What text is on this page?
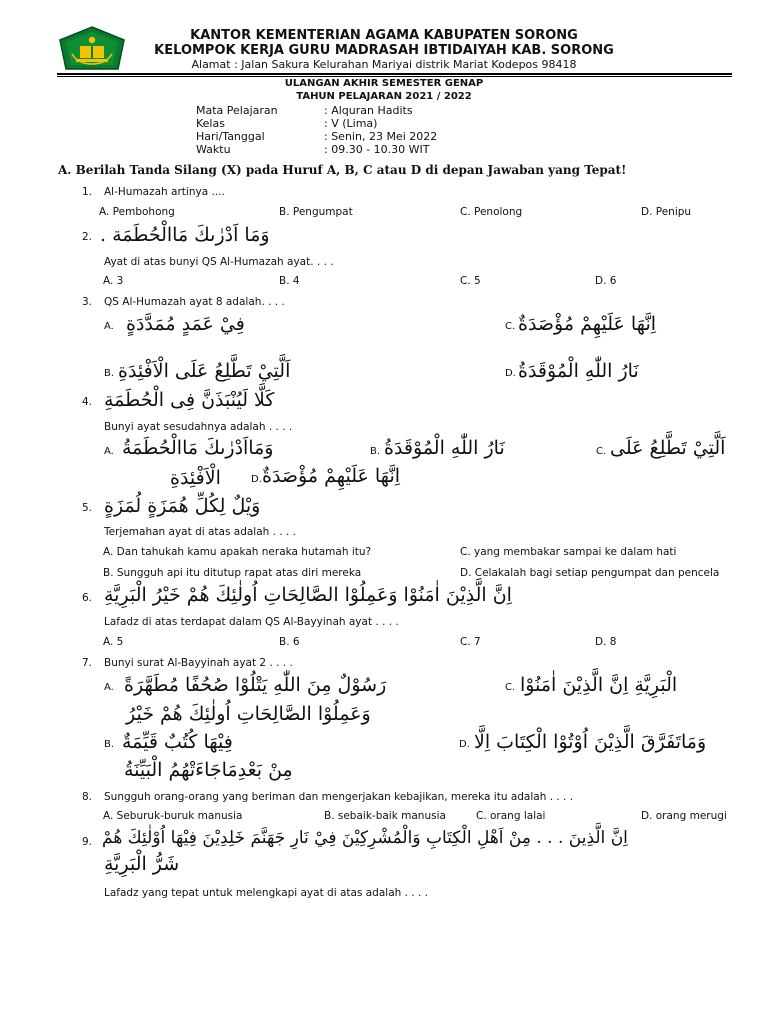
KANTOR KEMENTERIAN AGAMA KABUPATEN SORONG
KELOMPOK KERJA GURU MADRASAH IBTIDAIYAH KAB. SORONG
Alamat : Jalan Sakura Kelurahan Mariyai distrik Mariat Kodepos 98418
ULANGAN AKHIR SEMESTER GENAP
TAHUN PELAJARAN 2021 / 2022
Mata Pelajaran	: Alquran Hadits
Kelas	: V (Lima)
Hari/Tanggal	: Senin, 23 Mei 2022
Waktu	: 09.30 - 10.30 WIT
A. Berilah Tanda Silang (X) pada Huruf A, B, C atau D di depan Jawaban yang Tepat!
1. Al-Humazah artinya ....
A. Pembohong	B. Pengumpat	C. Penolong	D. Penipu
2. وَمَا اَدْرٰىكَ مَاالْحُطَمَة .
Ayat di atas bunyi QS Al-Humazah ayat. . . .
A. 3	B. 4	C. 5	D. 6
3. QS Al-Humazah ayat 8 adalah. . . .
A. فِيْ عَمَدٍ مُمَدَّدَةٍ	C. اِنَّهَا عَلَيْهِمْ مُؤْصَدَةٌ
B. اَلَّتِيْ تَطَّلِعُ عَلَى الْاَفْئِدَةِ	D. نَارُ اللّٰهِ الْمُوْقَدَةُ
4. كَلَّا لَيُنْبَذَنَّ فِى الْحُطَمَةِ
Bunyi ayat sesudahnya adalah . . . .
A. وَمَااَدْرٰىكَ مَاالْحُطَمَةُ	B. نَارُ اللّٰهِ الْمُوْقَدَةُ	C. اَلَّتِيْ تَطَّلِعُ عَلَى
الْاَفْئِدَةِ	D. اِنَّهَا عَلَيْهِمْ مُؤْصَدَةٌ
5. وَيْلٌ لِكُلِّ هُمَزَةٍ لُمَزَةٍ
Terjemahan ayat di atas adalah . . . .
A. Dan tahukah kamu apakah neraka hutamah itu?	C. yang membakar sampai ke dalam hati
B. Sungguh api itu ditutup rapat atas diri mereka	D. Celakalah bagi setiap pengumpat dan pencela
6. اِنَّ الَّذِيْنَ اٰمَنُوْا وَعَمِلُوْا الصَّالِحَاتِ اُولٰئِكَ هُمْ خَيْرُ الْبَرِيَّةِ
Lafadz di atas terdapat dalam QS Al-Bayyinah ayat . . . .
A. 5	B. 6	C. 7	D. 8
7. Bunyi surat Al-Bayyinah ayat 2 . . . .
A. رَسُوْلٌ مِنَ اللّٰهِ يَتْلُوْا صُحُفًا مُطَهَّرَةً	C. الْبَرِيَّةِ اِنَّ الَّذِيْنَ اٰمَنُوْا
وَعَمِلُوْا الصَّالِحَاتِ اُولٰئِكَ هُمْ خَيْرُ
B. فِيْهَا كُتُبٌ قَيِّمَةٌ	D. وَمَاتَفَرَّقَ الَّذِيْنَ اُوْتُوْا الْكِتَابَ اِلَّا
مِنْ بَعْدِمَاجَاءَتْهُمُ الْبَيِّنَةُ
8. Sungguh orang-orang yang beriman dan mengerjakan kebajikan, mereka itu adalah . . . .
A. Seburuk-buruk manusia	B. sebaik-baik manusia	C. orang lalai	D. orang merugi
9. اِنَّ الَّذِينَ . . . مِنْ اَهْلِ الْكِتَابِ وَالْمُشْرِكِيْنَ فِيْ نَارِ جَهَنَّمَ خَلِدِيْنَ فِيْهَا اُوْلٰئِكَ هُمْ
شَرُّ الْبَرِيَّةِ
Lafadz yang tepat untuk melengkapi ayat di atas adalah . . . .
